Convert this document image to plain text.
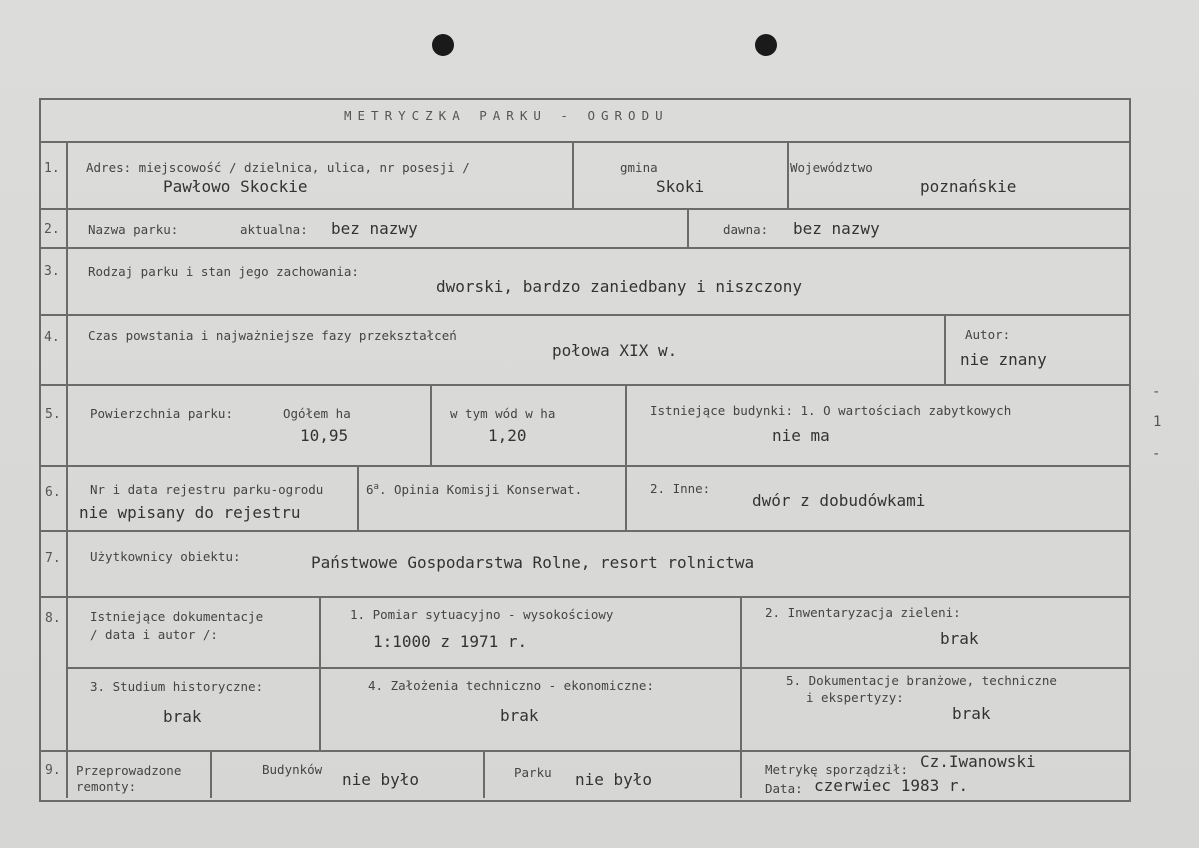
-
1
-
METRYCZKA PARKU - OGRODU
1. Adres: miejscowość / dzielnica, ulica, nr posesji /
Pawłowo Skockie
gmina
Skoki
Województwo
poznańskie
2. Nazwa parku:	aktualna: bez nazwy	dawna: bez nazwy
3. Rodzaj parku i stan jego zachowania:
dworski, bardzo zaniedbany i niszczony
4. Czas powstania i najważniejsze fazy przekształceń
połowa XIX w.
Autor:
nie znany
5. Powierzchnia parku:	Ogółem ha
10,95
w tym wód w ha
1,20
Istniejące budynki: 1. O wartościach zabytkowych
nie ma
6. Nr i data rejestru parku-ogrodu
nie wpisany do rejestru
6$^a$. Opinia Komisji Konserwat.	2. Inne:
dwór z dobudówkami
7. Użytkownicy obiektu:	Państwowe Gospodarstwa Rolne, resort rolnictwa
8. Istniejące dokumentacje
/ data i autor /:
1. Pomiar sytuacyjno - wysokościowy
1:1000 z 1971 r.
2. Inwentaryzacja zieleni:
brak
3. Studium historyczne:
brak
4. Założenia techniczno - ekonomiczne:
brak
5. Dokumentacje branżowe, techniczne
i ekspertyzy:
brak
9. Przeprowadzone
remonty:
Budynków
nie było	Parku nie było
Metrykę sporządził: Cz.Iwanowski
Data: czerwiec 1983 r.
